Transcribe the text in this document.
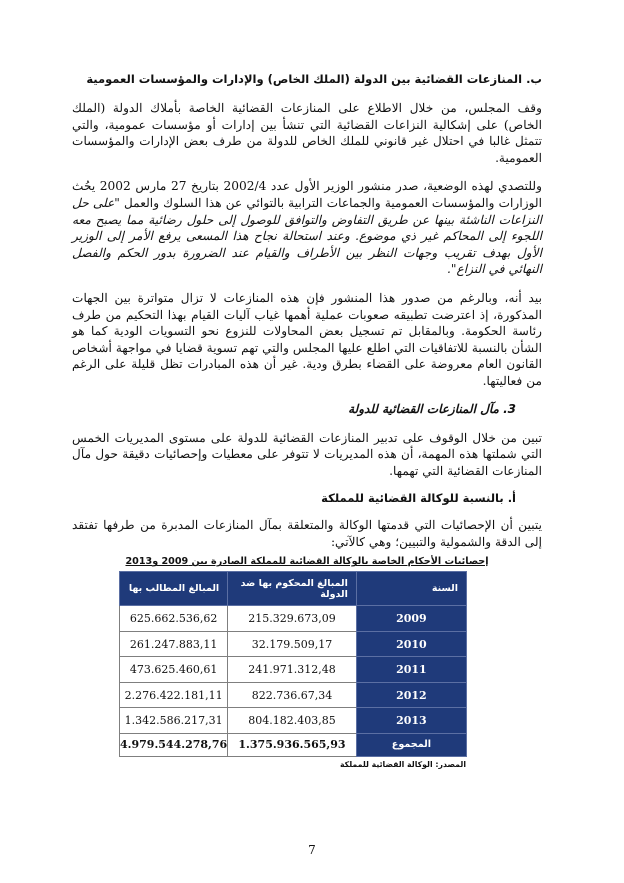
ب. المنازعات القضائية بين الدولة (الملك الخاص) والإدارات والمؤسسات العمومية

وقف المجلس، من خلال الاطلاع على المنازعات القضائية الخاصة بأملاك الدولة (الملك الخاص) على إشكالية النزاعات القضائية التي تنشأ بين إدارات أو مؤسسات عمومية، والتي تتمثل غالبا في احتلال غير قانوني للملك الخاص للدولة من طرف بعض الإدارات والمؤسسات العمومية.

وللتصدي لهذه الوضعية، صدر منشور الوزير الأول عدد 2002/4 بتاريخ 27 مارس 2002 يحُث الوزارات والمؤسسات العمومية والجماعات الترابية بالتوائي عن هذا السلوك والعمل "على حل النزاعات الناشئة بينها عن طريق التفاوض والتوافق للوصول إلى حلول رضائية مما يصبح معه اللجوء إلى المحاكم غير ذي موضوع. وعند استحالة نجاح هذا المسعى يرفع الأمر إلى الوزير الأول بهدف تقريب وجهات النظر بين الأطراف والقيام عند الضرورة بدور الحكم والفصل النهائي في النزاع".

بيد أنه، وبالرغم من صدور هذا المنشور فإن هذه المنازعات لا تزال متواترة بين الجهات المذكورة، إذ اعترضت تطبيقه صعوبات عملية أهمها غياب آليات القيام بهذا التحكيم من طرف رئاسة الحكومة. وبالمقابل تم تسجيل بعض المحاولات للنزوع نحو التسويات الودية كما هو الشأن بالنسبة للاتفاقيات التي اطلع عليها المجلس والتي تهم تسوية قضايا في مواجهة أشخاص القانون العام معروضة على القضاء بطرق ودية. غير أن هذه المبادرات تظل قليلة على الرغم من فعاليتها.

3. مآل المنازعات القضائية للدولة

تبين من خلال الوقوف على تدبير المنازعات القضائية للدولة على مستوى المديريات الخمس التي شملتها هذه المهمة، أن هذه المديريات لا تتوفر على معطيات وإحصائيات دقيقة حول مآل المنازعات القضائية التي تهمها.

أ. بالنسبة للوكالة القضائية للمملكة

يتبين أن الإحصائيات التي قدمتها الوكالة والمتعلقة بمآل المنازعات المدبرة من طرفها تفتقد إلى الدقة والشمولية والتبيين؛ وهي كالآتي:

إحصائيات الأحكام الخاصة بالوكالة القضائية للمملكة الصادرة بين 2009 و2013
السنة	المبالغ المحكوم بها ضد الدولة	المبالغ المطالب بها
2009	215.329.673,09	625.662.536,62
2010	32.179.509,17	261.247.883,11
2011	241.971.312,48	473.625.460,61
2012	822.736.67,34	2.276.422.181,11
2013	804.182.403,85	1.342.586.217,31
المجموع	1.375.936.565,93	4.979.544.278,76
المصدر: الوكالة القضائية للمملكة
7
